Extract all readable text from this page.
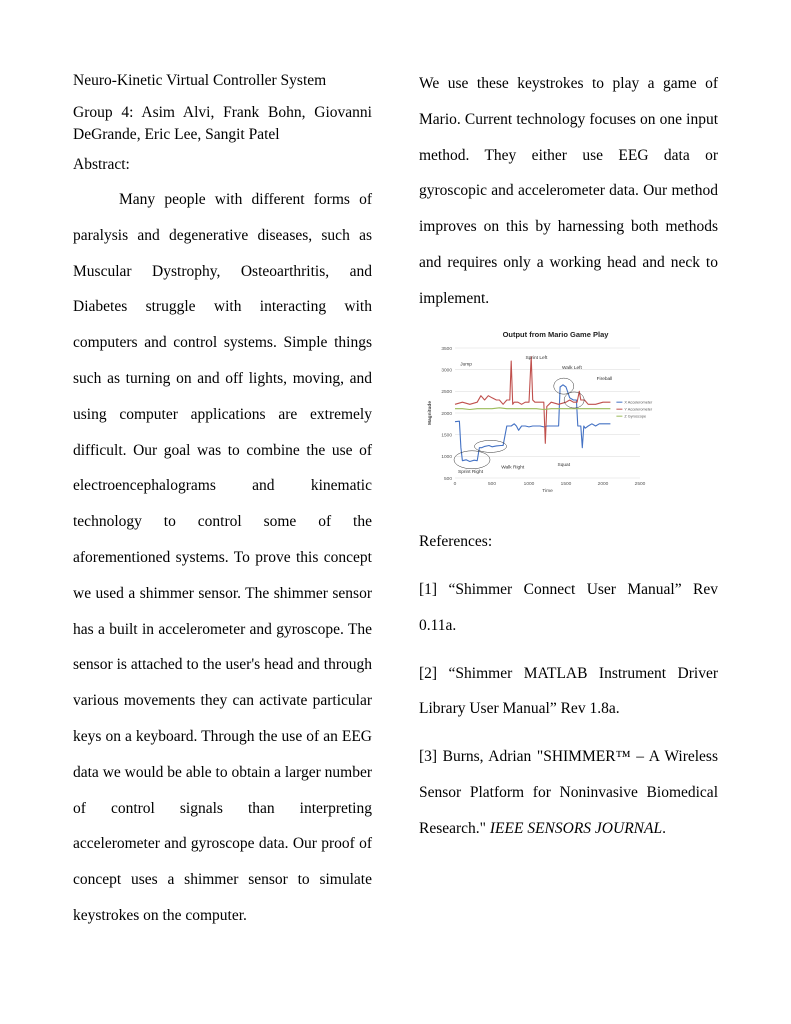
Neuro-Kinetic Virtual Controller System

Group 4: Asim Alvi, Frank Bohn, Giovanni DeGrande, Eric Lee, Sangit Patel

Abstract:

Many people with different forms of paralysis and degenerative diseases, such as Muscular Dystrophy, Osteoarthritis, and Diabetes struggle with interacting with computers and control systems. Simple things such as turning on and off lights, moving, and using computer applications are extremely difficult. Our goal was to combine the use of electroencephalograms and kinematic technology to control some of the aforementioned systems. To prove this concept we used a shimmer sensor. The shimmer sensor has a built in accelerometer and gyroscope. The sensor is attached to the user's head and through various movements they can activate particular keys on a keyboard. Through the use of an EEG data we would be able to obtain a larger number of control signals than interpreting accelerometer and gyroscope data. Our proof of concept uses a shimmer sensor to simulate keystrokes on the computer.

We use these keystrokes to play a game of Mario. Current technology focuses on one input method. They either use EEG data or gyroscopic and accelerometer data. Our method improves on this by harnessing both methods and requires only a working head and neck to implement.

Output from Mario Game Play
500
1000
1500
2000
2500
3000
3500
0	500	1000	1500	2000	2500
Time
Magnitude	X Accelerometer
Y Accelerometer
Z Gyroscope
Jump
Sprint Left
Walk Left
Fireball
Sprint Right
Walk Right
Squat

References:

[1] “Shimmer Connect User Manual” Rev 0.11a.

[2] “Shimmer MATLAB Instrument Driver Library User Manual” Rev 1.8a.

[3] Burns, Adrian "SHIMMER™ – A Wireless Sensor Platform for Noninvasive Biomedical Research." IEEE SENSORS JOURNAL.
